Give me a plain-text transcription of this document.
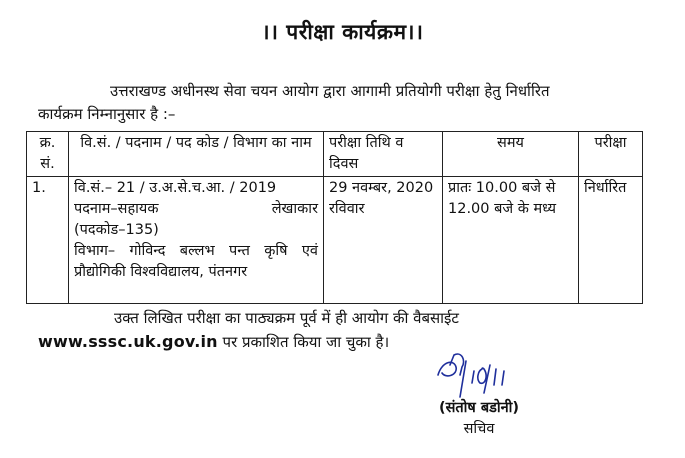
।। परीक्षा कार्यक्रम।।
उत्तराखण्ड अधीनस्थ सेवा चयन आयोग द्वारा आगामी प्रतियोगी परीक्षा हेतु निर्धारित
कार्यक्रम निम्नानुसार है :–
क्र. सं.	वि.सं. / पदनाम / पद कोड / विभाग का नाम	परीक्षा तिथि व दिवस	समय	परीक्षा
1.	वि.सं.– 21 / उ.अ.से.च.आ. / 2019
पदनाम–सहायक लेखाकार
(पदकोड–135)
विभाग– गोविन्द बल्लभ पन्त कृषि एवं प्रौद्योगिकी विश्वविद्यालय, पंतनगर	29 नवम्बर, 2020 रविवार	प्रातः 10.00 बजे से 12.00 बजे के मध्य	निर्धारित
उक्त लिखित परीक्षा का पाठ्यक्रम पूर्व में ही आयोग की वैबसाईट
www.sssc.uk.gov.in पर प्रकाशित किया जा चुका है।
(संतोष बडोनी)
सचिव
